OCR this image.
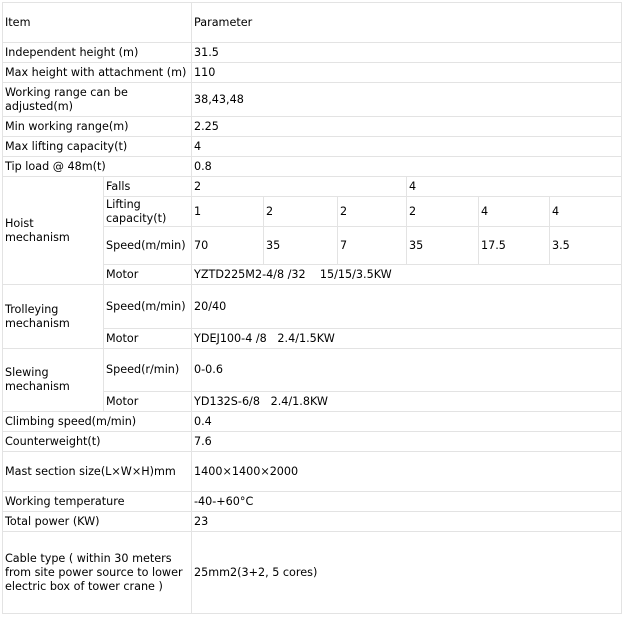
Item		Parameter					
Independent height (m)		31.5					
Max height with attachment (m)		110					
Working range can be adjusted(m)		38,43,48					
Min working range(m)		2.25					
Max lifting capacity(t)		4					
Tip load @ 48m(t)		0.8					
Hoist mechanism	Falls	2			4		
	Lifting capacity(t)	1	2	2	2	4	4
	Speed(m/min)	70	35	7	35	17.5	3.5
	Motor	YZTD225M2-4/8 /32    15/15/3.5KW					
Trolleying mechanism	Speed(m/min)	20/40					
	Motor	YDEJ100-4 /8   2.4/1.5KW					
Slewing mechanism	Speed(r/min)	0-0.6					
	Motor	YD132S-6/8   2.4/1.8KW					
Climbing speed(m/min)		0.4					
Counterweight(t)		7.6					
Mast section size(L×W×H)mm		1400×1400×2000					
Working temperature		-40-+60°C					
Total power (KW)		23					
Cable type ( within 30 meters from site power source to lower electric box of tower crane )		25mm2(3+2, 5 cores)					
